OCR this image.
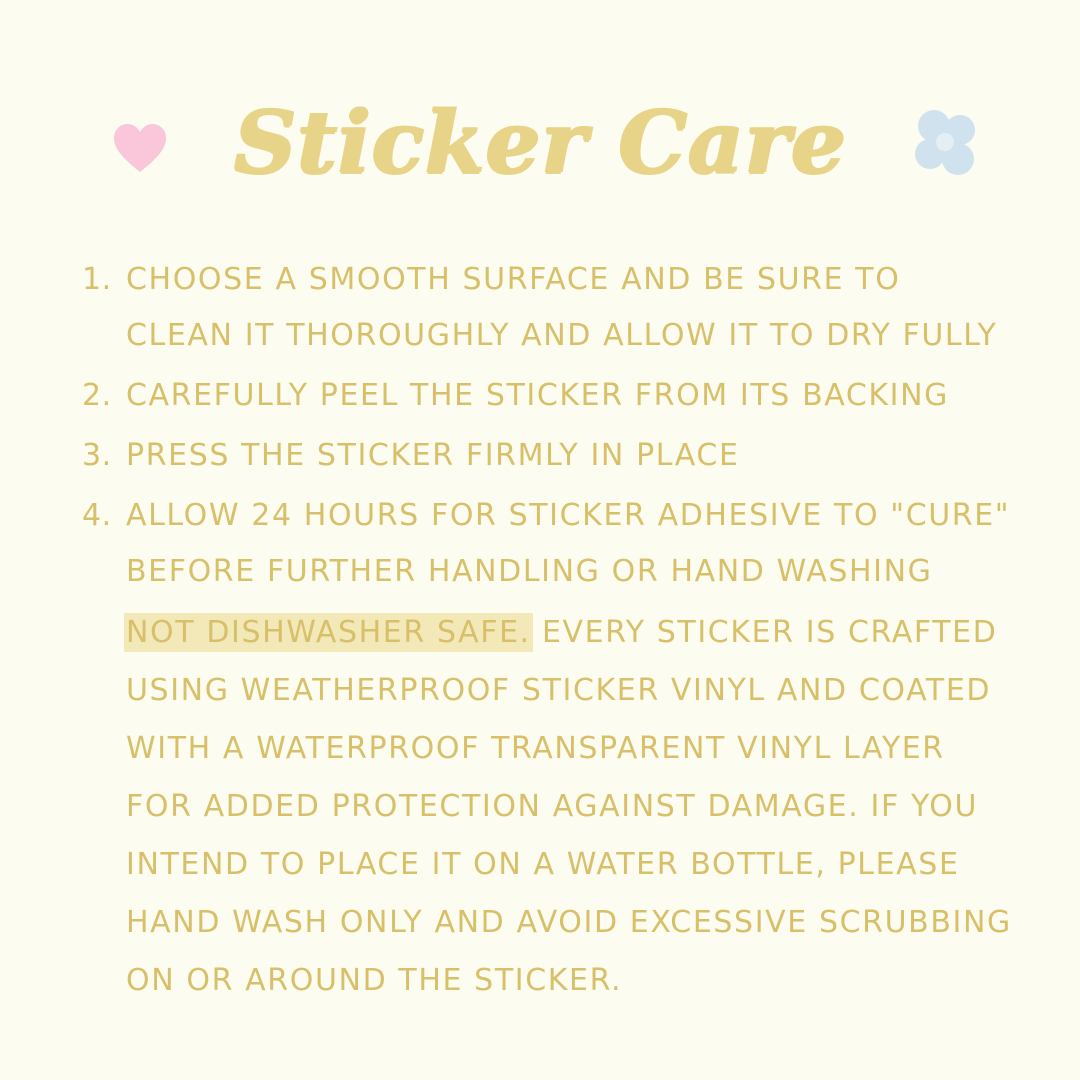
Sticker Care
1. CHOOSE A SMOOTH SURFACE AND BE SURE TO
CLEAN IT THOROUGHLY AND ALLOW IT TO DRY FULLY
2. CAREFULLY PEEL THE STICKER FROM ITS BACKING
3. PRESS THE STICKER FIRMLY IN PLACE
4. ALLOW 24 HOURS FOR STICKER ADHESIVE TO "CURE"
BEFORE FURTHER HANDLING OR HAND WASHING
NOT DISHWASHER SAFE. EVERY STICKER IS CRAFTED
USING WEATHERPROOF STICKER VINYL AND COATED
WITH A WATERPROOF TRANSPARENT VINYL LAYER
FOR ADDED PROTECTION AGAINST DAMAGE. IF YOU
INTEND TO PLACE IT ON A WATER BOTTLE, PLEASE
HAND WASH ONLY AND AVOID EXCESSIVE SCRUBBING
ON OR AROUND THE STICKER.
